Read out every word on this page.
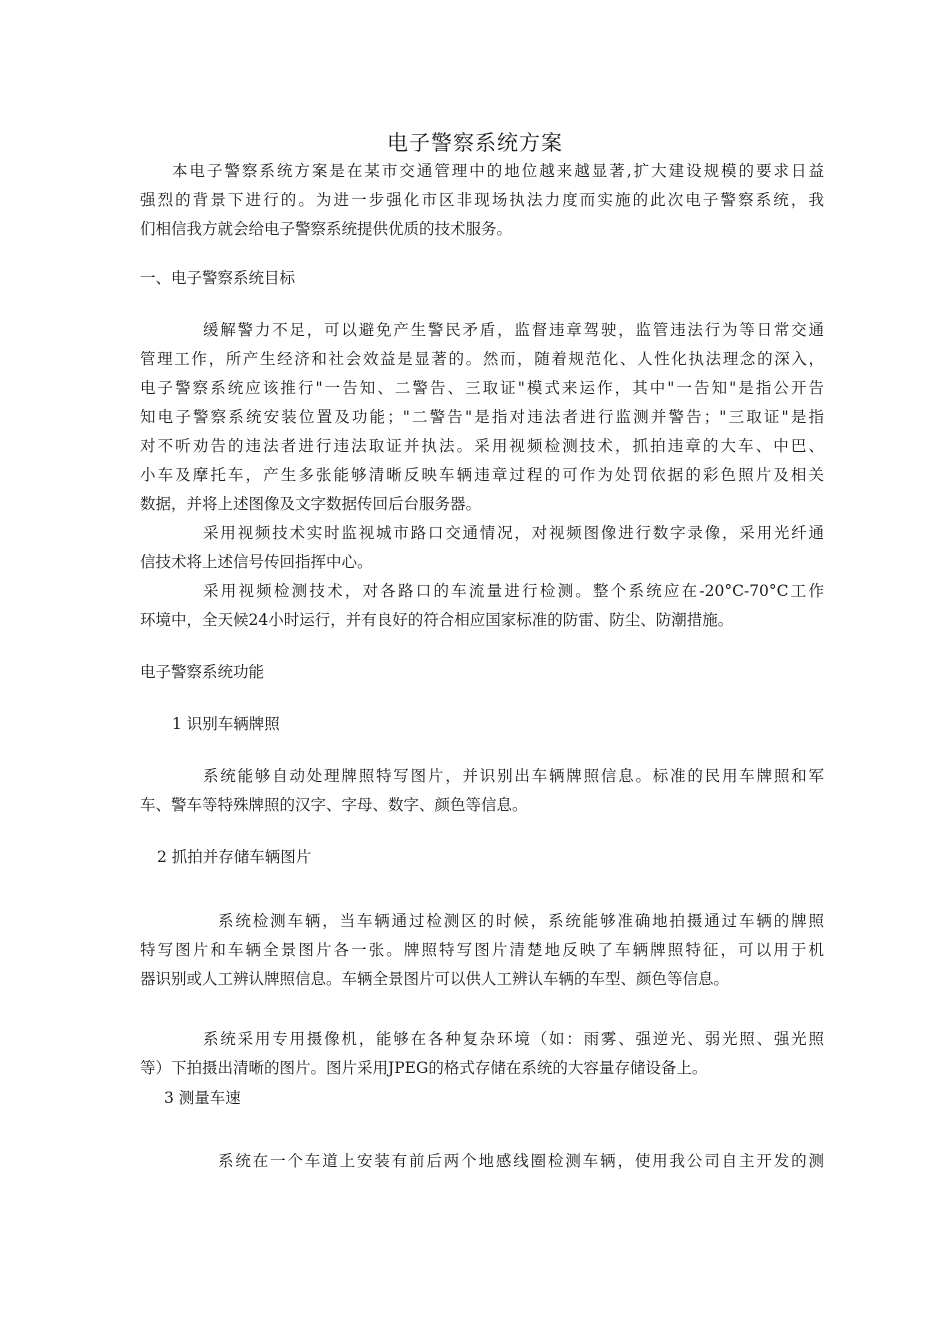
电子警察系统方案
本电子警察系统方案是在某市交通管理中的地位越来越显著,扩大建设规模的要求日益
强烈的背景下进行的。为进一步强化市区非现场执法力度而实施的此次电子警察系统，我
们相信我方就会给电子警察系统提供优质的技术服务。
一、电子警察系统目标
缓解警力不足，可以避免产生警民矛盾，监督违章驾驶，监管违法行为等日常交通
管理工作，所产生经济和社会效益是显著的。然而，随着规范化、人性化执法理念的深入，
电子警察系统应该推行"一告知、二警告、三取证"模式来运作，其中"一告知"是指公开告
知电子警察系统安装位置及功能；"二警告"是指对违法者进行监测并警告；"三取证"是指
对不听劝告的违法者进行违法取证并执法。采用视频检测技术，抓拍违章的大车、中巴、
小车及摩托车，产生多张能够清晰反映车辆违章过程的可作为处罚依据的彩色照片及相关
数据，并将上述图像及文字数据传回后台服务器。
采用视频技术实时监视城市路口交通情况，对视频图像进行数字录像，采用光纤通
信技术将上述信号传回指挥中心。
采用视频检测技术，对各路口的车流量进行检测。整个系统应在-20°C-70°C工作
环境中，全天候24小时运行，并有良好的符合相应国家标准的防雷、防尘、防潮措施。
电子警察系统功能
1 识别车辆牌照
系统能够自动处理牌照特写图片，并识别出车辆牌照信息。标准的民用车牌照和军
车、警车等特殊牌照的汉字、字母、数字、颜色等信息。
2 抓拍并存储车辆图片
系统检测车辆，当车辆通过检测区的时候，系统能够准确地拍摄通过车辆的牌照
特写图片和车辆全景图片各一张。牌照特写图片清楚地反映了车辆牌照特征，可以用于机
器识别或人工辨认牌照信息。车辆全景图片可以供人工辨认车辆的车型、颜色等信息。
系统采用专用摄像机，能够在各种复杂环境（如：雨雾、强逆光、弱光照、强光照
等）下拍摄出清晰的图片。图片采用JPEG的格式存储在系统的大容量存储设备上。
3 测量车速
系统在一个车道上安装有前后两个地感线圈检测车辆，使用我公司自主开发的测
